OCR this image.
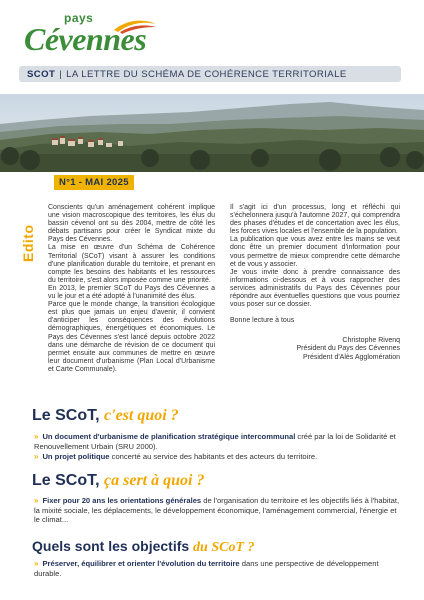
pays
Cévennes
SCOT | LA LETTRE DU SCHÉMA DE COHÉRENCE TERRITORIALE
N°1 - MAI 2025
Edito

Conscients qu'un aménagement cohérent implique une vision macroscopique des territoires, les élus du bassin cévenol ont su dès 2004, mettre de côté les débats partisans pour créer le Syndicat mixte du Pays des Cévennes.

La mise en œuvre d'un Schéma de Cohérence Territorial (SCoT) visant à assurer les conditions d'une planification durable du territoire, et prenant en compte les besoins des habitants et les ressources du territoire, s'est alors imposée comme une priorité.

En 2013, le premier SCoT du Pays des Cévennes a vu le jour et a été adopté à l'unanimité des élus.

Parce que le monde change, la transition écologique est plus que jamais un enjeu d'avenir, il convient d'anticiper les conséquences des évolutions démographiques, énergétiques et économiques. Le Pays des Cévennes s'est lancé depuis octobre 2022 dans une démarche de révision de ce document qui permet ensuite aux communes de mettre en œuvre leur document d'urbanisme (Plan Local d'Urbanisme et Carte Communale).

Il s'agit ici d'un processus, long et réfléchi qui s'échelonnera jusqu'à l'automne 2027, qui comprendra des phases d'études et de concertation avec les élus, les forces vives locales et l'ensemble de la population.

La publication que vous avez entre les mains se veut donc être un premier document d'information pour vous permettre de mieux comprendre cette démarche et de vous y associer.

Je vous invite donc à prendre connaissance des informations ci-dessous et à vous rapprocher des services administratifs du Pays des Cévennes pour répondre aux éventuelles questions que vous pourriez vous poser sur ce dossier.

Bonne lecture à tous

Christophe Rivenq
Président du Pays des Cévennes
Président d'Alès Agglomération
Le SCoT, c'est quoi ?
» Un document d'urbanisme de planification stratégique intercommunal créé par la loi de Solidarité et Renouvellement Urbain (SRU 2000).
» Un projet politique concerté au service des habitants et des acteurs du territoire.
Le SCoT, ça sert à quoi ?
» Fixer pour 20 ans les orientations générales de l'organisation du territoire et les objectifs liés à l'habitat, la mixité sociale, les déplacements, le développement économique, l'aménagement commercial, l'énergie et le climat...
Quels sont les objectifs du SCoT ?
» Préserver, équilibrer et orienter l'évolution du territoire dans une perspective de développement durable.
